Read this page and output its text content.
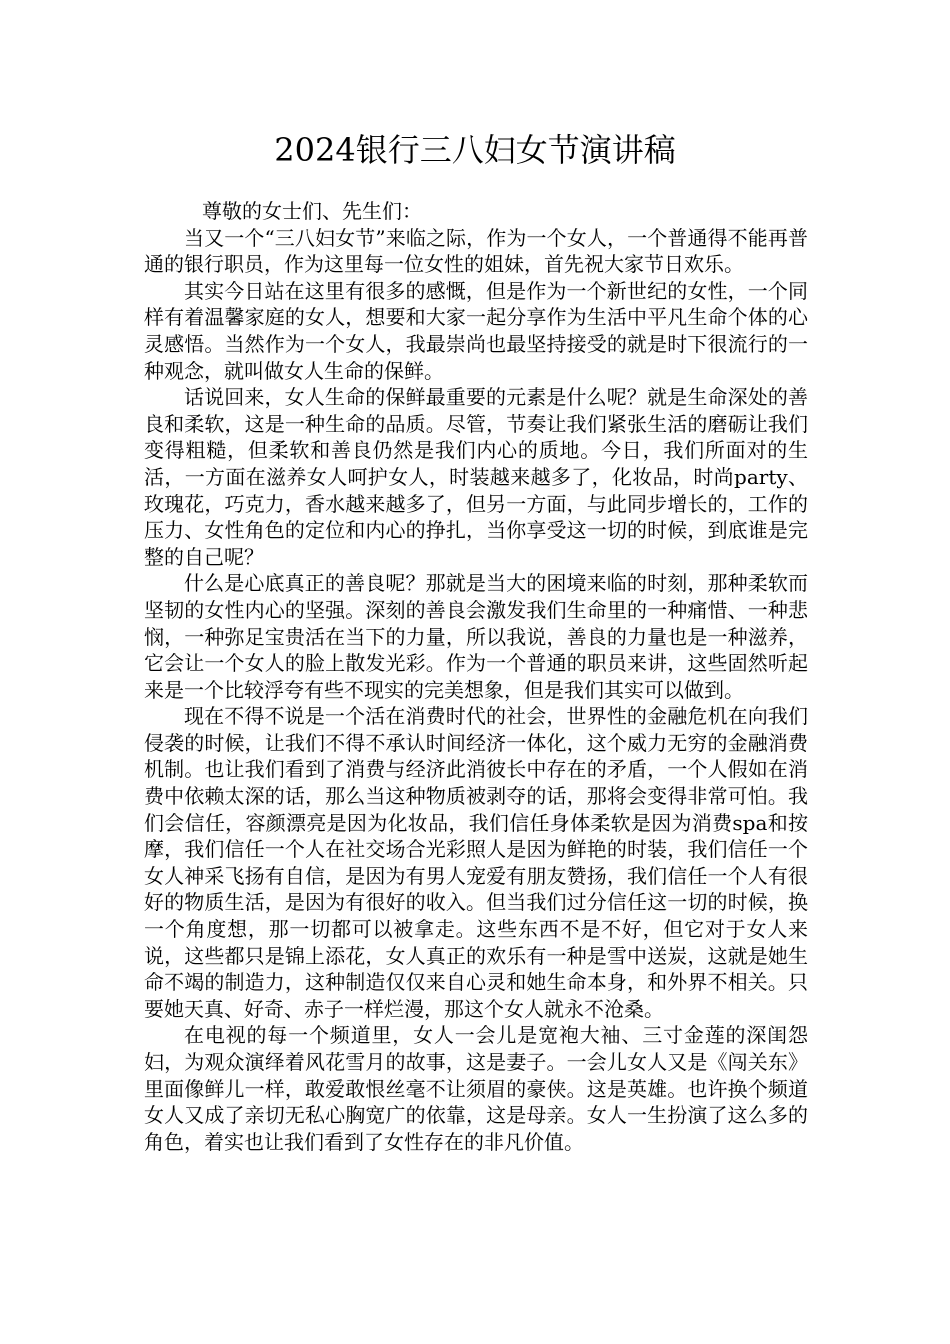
2024银行三八妇女节演讲稿

尊敬的女士们、先生们：

当又一个“三八妇女节”来临之际，作为一个女人，一个普通得不能再普通的银行职员，作为这里每一位女性的姐妹，首先祝大家节日欢乐。

其实今日站在这里有很多的感慨，但是作为一个新世纪的女性，一个同样有着温馨家庭的女人，想要和大家一起分享作为生活中平凡生命个体的心灵感悟。当然作为一个女人，我最崇尚也最坚持接受的就是时下很流行的一种观念，就叫做女人生命的保鲜。

话说回来，女人生命的保鲜最重要的元素是什么呢？就是生命深处的善良和柔软，这是一种生命的品质。尽管，节奏让我们紧张生活的磨砺让我们变得粗糙，但柔软和善良仍然是我们内心的质地。今日，我们所面对的生活，一方面在滋养女人呵护女人，时装越来越多了，化妆品，时尚party、玫瑰花，巧克力，香水越来越多了，但另一方面，与此同步增长的，工作的压力、女性角色的定位和内心的挣扎，当你享受这一切的时候，到底谁是完整的自己呢？

什么是心底真正的善良呢？那就是当大的困境来临的时刻，那种柔软而坚韧的女性内心的坚强。深刻的善良会激发我们生命里的一种痛惜、一种悲悯，一种弥足宝贵活在当下的力量，所以我说，善良的力量也是一种滋养，它会让一个女人的脸上散发光彩。作为一个普通的职员来讲，这些固然听起来是一个比较浮夸有些不现实的完美想象，但是我们其实可以做到。

现在不得不说是一个活在消费时代的社会，世界性的金融危机在向我们侵袭的时候，让我们不得不承认时间经济一体化，这个威力无穷的金融消费机制。也让我们看到了消费与经济此消彼长中存在的矛盾，一个人假如在消费中依赖太深的话，那么当这种物质被剥夺的话，那将会变得非常可怕。我们会信任，容颜漂亮是因为化妆品，我们信任身体柔软是因为消费spa和按摩，我们信任一个人在社交场合光彩照人是因为鲜艳的时装，我们信任一个女人神采飞扬有自信，是因为有男人宠爱有朋友赞扬，我们信任一个人有很好的物质生活，是因为有很好的收入。但当我们过分信任这一切的时候，换一个角度想，那一切都可以被拿走。这些东西不是不好，但它对于女人来说，这些都只是锦上添花，女人真正的欢乐有一种是雪中送炭，这就是她生命不竭的制造力，这种制造仅仅来自心灵和她生命本身，和外界不相关。只要她天真、好奇、赤子一样烂漫，那这个女人就永不沧桑。

在电视的每一个频道里，女人一会儿是宽袍大袖、三寸金莲的深闺怨妇，为观众演绎着风花雪月的故事，这是妻子。一会儿女人又是《闯关东》里面像鲜儿一样，敢爱敢恨丝毫不让须眉的豪侠。这是英雄。也许换个频道女人又成了亲切无私心胸宽广的依靠，这是母亲。女人一生扮演了这么多的角色，着实也让我们看到了女性存在的非凡价值。
